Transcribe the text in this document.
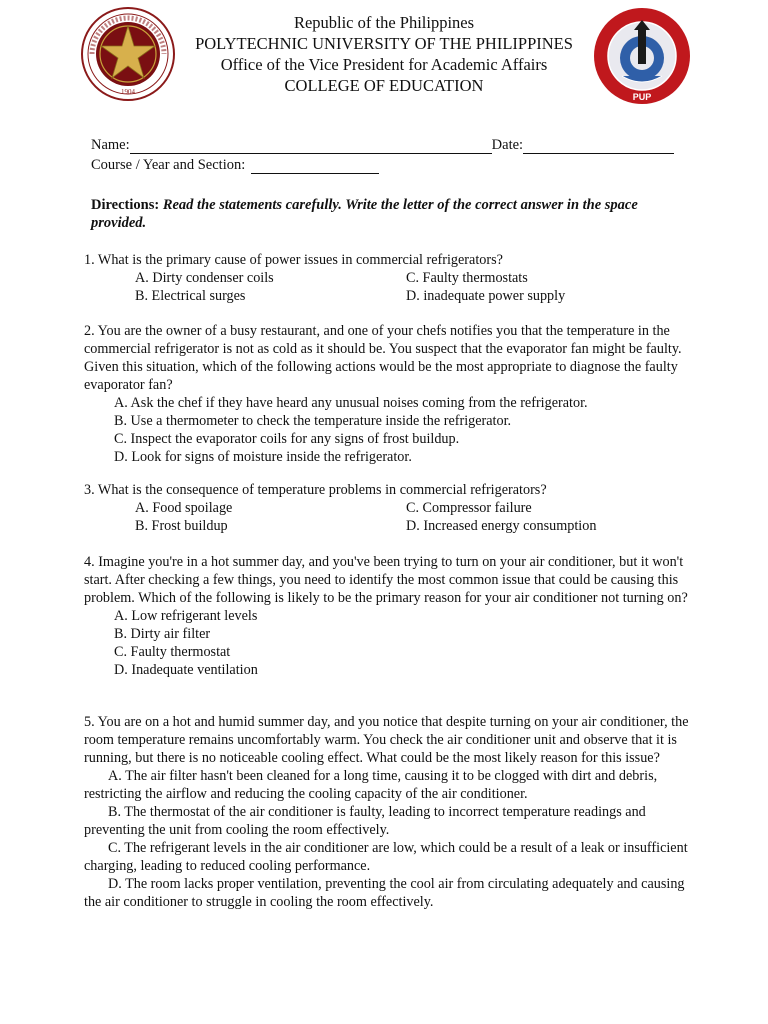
1904
Republic of the Philippines
POLYTECHNIC UNIVERSITY OF THE PHILIPPINES
Office of the Vice President for Academic Affairs
COLLEGE OF EDUCATION
PUP
Name:	Date:
Course / Year and Section:
Directions: Read the statements carefully. Write the letter of the correct answer in the space provided.

1. What is the primary cause of power issues in commercial refrigerators?

A. Dirty condenser coils	C. Faulty thermostats
B. Electrical surges	D. inadequate power supply

2. You are the owner of a busy restaurant, and one of your chefs notifies you that the temperature in the commercial refrigerator is not as cold as it should be. You suspect that the evaporator fan might be faulty. Given this situation, which of the following actions would be the most appropriate to diagnose the faulty evaporator fan?

A. Ask the chef if they have heard any unusual noises coming from the refrigerator.

B. Use a thermometer to check the temperature inside the refrigerator.

C. Inspect the evaporator coils for any signs of frost buildup.

D. Look for signs of moisture inside the refrigerator.

3. What is the consequence of temperature problems in commercial refrigerators?

A. Food spoilage	C. Compressor failure
B. Frost buildup	D. Increased energy consumption

4. Imagine you're in a hot summer day, and you've been trying to turn on your air conditioner, but it won't start. After checking a few things, you need to identify the most common issue that could be causing this problem. Which of the following is likely to be the primary reason for your air conditioner not turning on?

A. Low refrigerant levels

B. Dirty air filter

C. Faulty thermostat

D. Inadequate ventilation

5. You are on a hot and humid summer day, and you notice that despite turning on your air conditioner, the room temperature remains uncomfortably warm. You check the air conditioner unit and observe that it is running, but there is no noticeable cooling effect. What could be the most likely reason for this issue?

A. The air filter hasn't been cleaned for a long time, causing it to be clogged with dirt and debris, restricting the airflow and reducing the cooling capacity of the air conditioner.

B. The thermostat of the air conditioner is faulty, leading to incorrect temperature readings and preventing the unit from cooling the room effectively.

C. The refrigerant levels in the air conditioner are low, which could be a result of a leak or insufficient charging, leading to reduced cooling performance.

D. The room lacks proper ventilation, preventing the cool air from circulating adequately and causing the air conditioner to struggle in cooling the room effectively.
